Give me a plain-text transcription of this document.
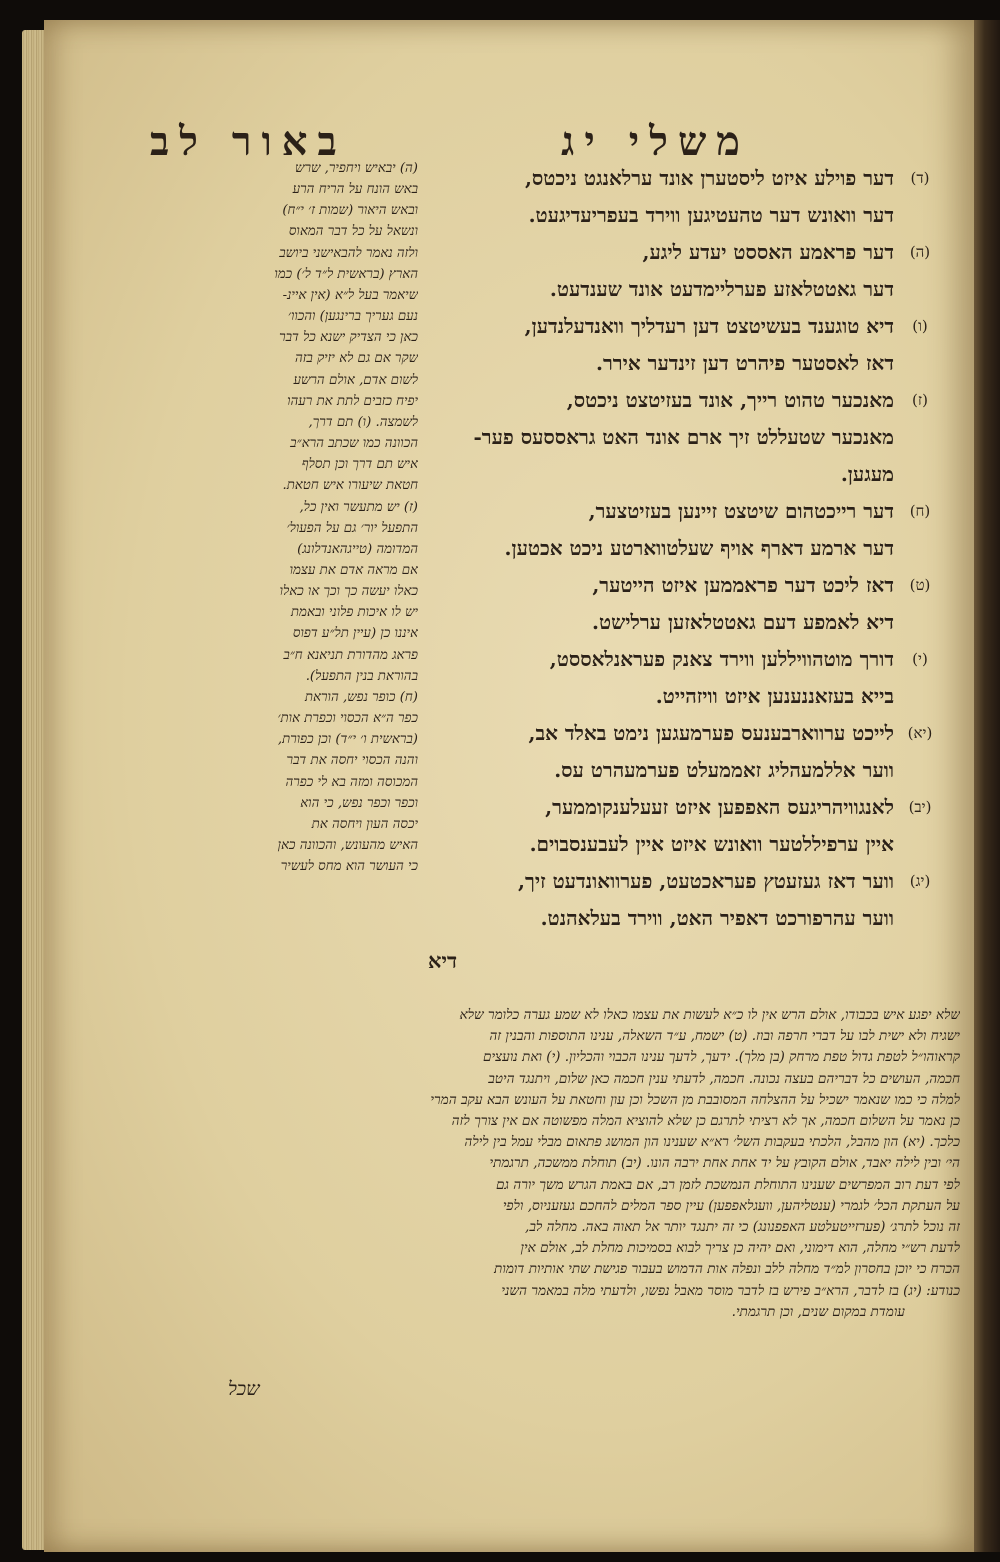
משלי יג
באור לב
(ד)
דער פוילע איזט ליסטערן אונד ערלאנגט ניכטס,
דער וואונש דער טהעטיגען ווירד בעפריעדיגעט.
(ה)
דער פראמע האססט יעדע ליגע,
דער גאטטלאזע פערליימדעט אונד שענדעט.
(ו)
דיא טוגענד בעשיטצט דען רעדליך וואנדעלנדען,
דאז לאסטער פיהרט דען זינדער אירר.
(ז)
מאנכער טהוט רייך, אונד בעזיטצט ניכטס,
מאנכער שטעללט זיך ארם אונד האט גראססעס פער-
מעגען.
(ח)
דער רייכטהום שיטצט זיינען בעזיטצער,
דער ארמע דארף אויף שעלטווארטע ניכט אכטען.
(ט)
דאז ליכט דער פראממען איזט הייטער,
דיא לאמפע דעם גאטטלאזען ערלישט.
(י)
דורך מוטהוויללען ווירד צאנק פעראנלאססט,
בייא בעזאננענען איזט וויזהייט.
(יא)
לייכט ערווארבענעס פערמעגען נימט באלד אב,
ווער אללמעהליג זאממעלט פערמעהרט עס.
(יב)
לאנגוויהריגעס האפפען איזט זעעלענקוממער,
איין ערפיללטער וואונש איזט איין לעבענסבוים.
(יג)
ווער דאז געזעטץ פעראכטעט, פערוואונדעט זיך,
ווער עהרפורכט דאפיר האט, ווירד בעלאהנט.
דיא
(ה) יבאיש ויחפיר, שרש
באש הונח על הריח הרע
ובאש היאור (שמות ז׳ י״ח)
ונשאל על כל דבר המאוס
ולזה נאמר להבאישני ביושב
הארץ (בראשית ל״ד ל׳) כמו
שיאמר בעל ל״א (אין איינ-
נעם געריך ברינגען) והכוו׳
כאן כי הצדיק ישנא כל דבר
שקר אם גם לא יזיק בזה
לשום אדם, אולם הרשע
יפיח כזבים לתת את רעהו
לשמצה. (ו) תם דרך,
הכוונה כמו שכתב הרא״ב
איש תם דרך וכן תסלף
חטאת שיעורו איש חטאת.
(ז) יש מתעשר ואין כל,
התפעל יור׳ גם על הפעול׳
המדומה (טייגהאנדלונג)
אם מראה אדם את עצמו
כאלו יעשה כך וכך או כאלו
יש לו איכות פלוני ובאמת
איננו כן (עיין תל״ע דפוס
פראג מהדורת תניאנא ח״ב
בהוראת בנין התפעל).
(ח) כופר נפש, הוראת
כפר ה״א הכסוי וכפרת אות׳
(בראשית ו׳ י״ד) וכן כפורת,
והנה הכסוי יחסה את דבר
המכוסה ומזה בא לי כפרה
וכפר וכפר נפש, כי הוא
יכסה העון ויחסה את
האיש מהעונש, והכוונה כאן
כי העושר הוא מחס לעשיר
שלא יפגע איש בכבודו, אולם הרש אין לו כ״א לעשות את עצמו כאלו לא שמע גערה כלומר שלא
ישגיח ולא ישית לבו על דברי חרפה ובוז. (ט) ישמח, ע״ד השאלה, ענינו התוספות והבנין זה
קראוהו״ל לטפת גדול טפת מרחק (בן מלך). ידעך, לדעך ענינו הכבוי והכליון. (י) ואת נועצים
חכמה, העושים כל דבריהם בעצה נכונה. חכמה, לדעתי ענין חכמה כאן שלום, ויתנגד היטב
למלה כי כמו שנאמר ישכיל על ההצלחה המסובבת מן השכל וכן עון וחטאת על העונש הבא עקב המרי
כן נאמר על השלום חכמה, אך לא רציתי לתרגם כן שלא להוציא המלה מפשוטה אם אין צורך לזה
כלכך. (יא) הון מהבל, הלכתי בעקבות השל׳ רא״א שענינו הון המושג פתאום מבלי עמל בין לילה
הי׳ ובין לילה יאבד, אולם הקובץ על יד אחת אחת ירבה הונו. (יב) תוחלת ממשכה, תרגמתי
לפי דעת רוב המפרשים שענינו התוחלת הנמשכת לזמן רב, אם באמת הגרש משך יורה גם
על העתקת הכל׳ לגמרי (ענטליהען, וועגלאפפען) עיין ספר המלים להחכם געזעניוס, ולפי
זה נוכל לתרג׳ (פערזייטעלטע האפפנונג) כי זה יתנגד יותר אל תאוה באה. מחלה לב,
לדעת רש״י מחלה, הוא דימוני, ואם יהיה כן צריך לבוא בסמיכות מחלת לב, אולם אין
הכרח כי יוכן בחסרון למ״ד מחלה ללב ונפלה אות הדמוש בעבור פגישת שתי אותיות דומות
כנודע: (יג) בז לדבר, הרא״ב פירש בז לדבר מוסר מאבל נפשו, ולדעתי מלה במאמר השני
עומדת במקום שנים, וכן תרגמתי.
שכל
